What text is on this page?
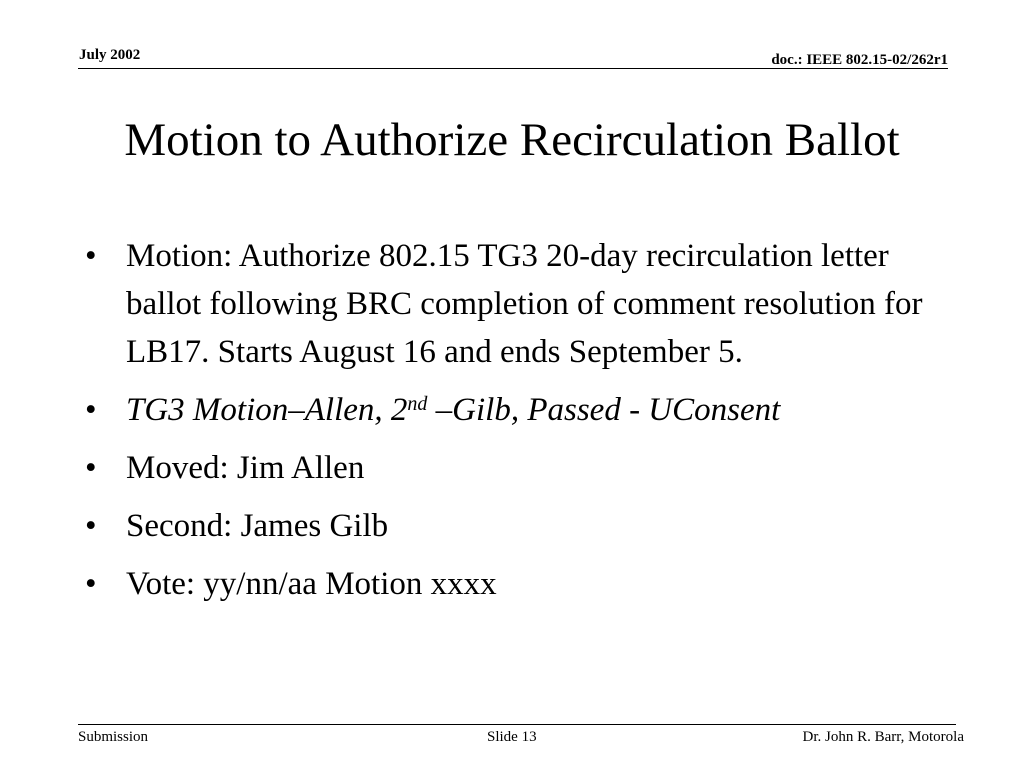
July 2002	doc.: IEEE 802.15-02/262r1
Motion to Authorize Recirculation Ballot
• Motion: Authorize 802.15 TG3 20-day recirculation letter ballot following BRC completion of comment resolution for LB17. Starts August 16 and ends September 5.
• TG3 Motion–Allen, 2nd –Gilb, Passed - UConsent
• Moved: Jim Allen
• Second: James Gilb
• Vote: yy/nn/aa Motion xxxx
Submission	Slide 13	Dr. John R. Barr, Motorola
